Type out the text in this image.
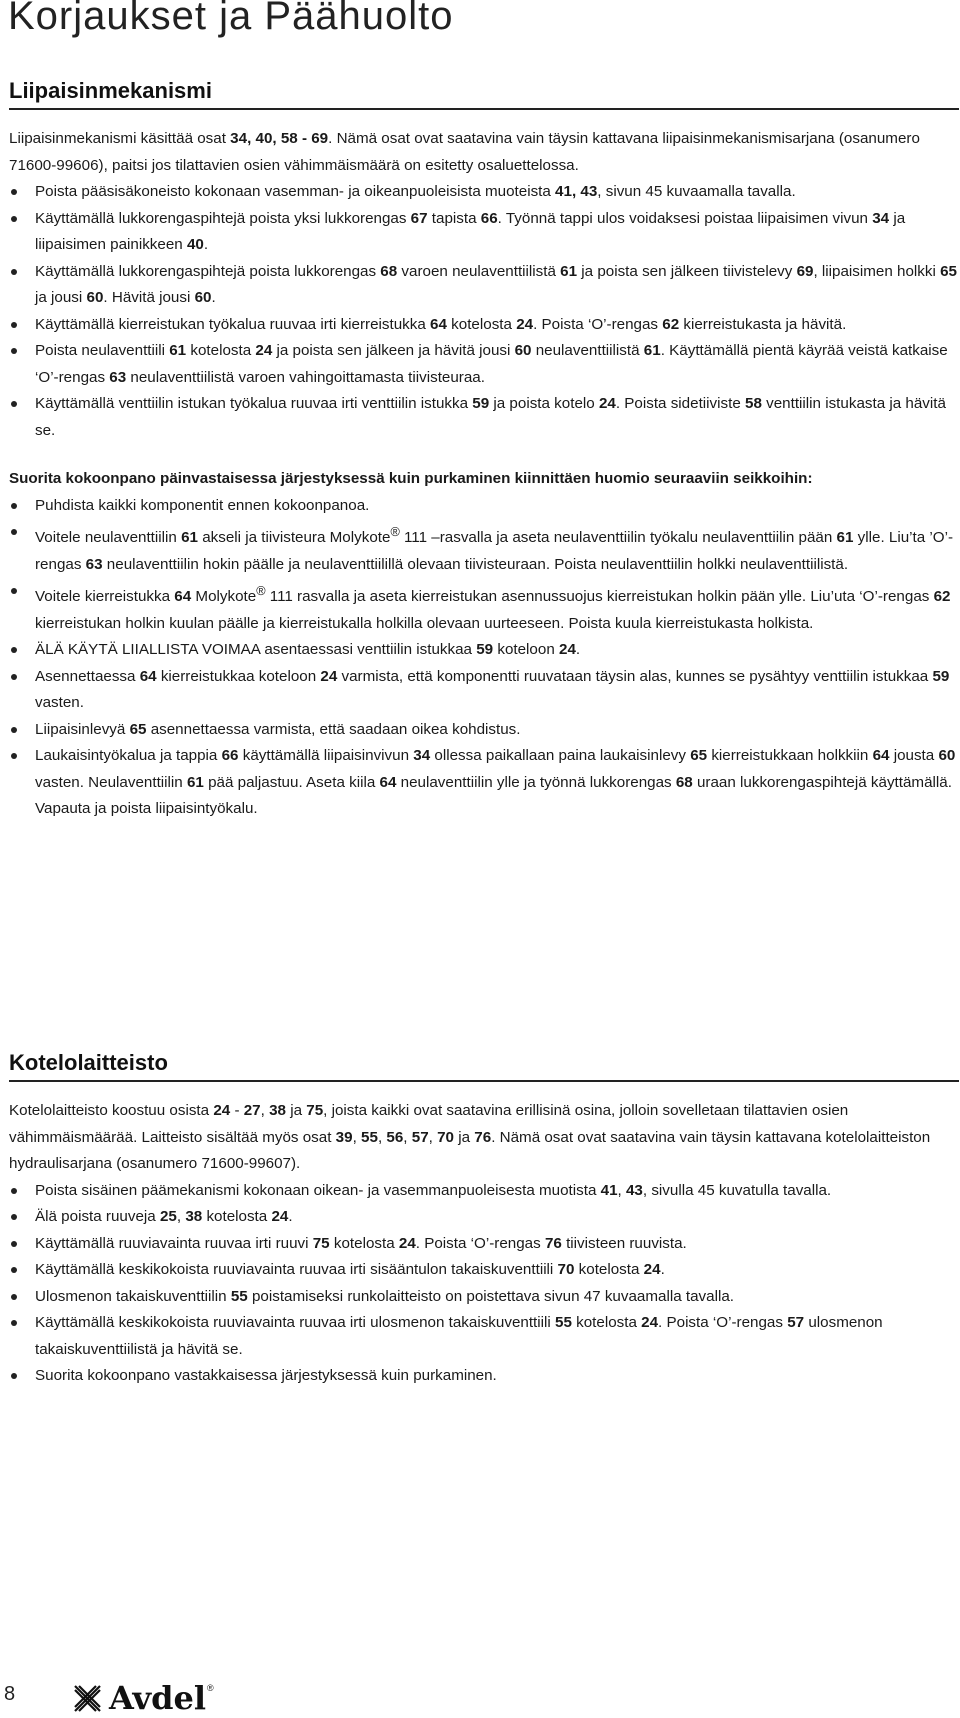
Korjaukset ja Päähuolto
Liipaisinmekanismi

Liipaisinmekanismi käsittää osat 34, 40, 58 - 69. Nämä osat ovat saatavina vain täysin kattavana liipaisinmekanismisarjana (osanumero 71600-99606), paitsi jos tilattavien osien vähimmäismäärä on esitetty osaluettelossa.

Poista pääsisäkoneisto kokonaan vasemman- ja oikeanpuoleisista muoteista 41, 43, sivun 45 kuvaamalla tavalla.
Käyttämällä lukkorengaspihtejä poista yksi lukkorengas 67 tapista 66. Työnnä tappi ulos voidaksesi poistaa liipaisimen vivun 34 ja liipaisimen painikkeen 40.
Käyttämällä lukkorengaspihtejä poista lukkorengas 68 varoen neulaventtiilistä 61 ja poista sen jälkeen tiivistelevy 69, liipaisimen holkki 65 ja jousi 60. Hävitä jousi 60.
Käyttämällä kierreistukan työkalua ruuvaa irti kierreistukka 64 kotelosta 24. Poista ‘O’-rengas 62 kierreistukasta ja hävitä.
Poista neulaventtiili 61 kotelosta 24 ja poista sen jälkeen ja hävitä jousi 60 neulaventtiilistä 61. Käyttämällä pientä käyrää veistä katkaise ‘O’-rengas 63 neulaventtiilistä varoen vahingoittamasta tiivisteuraa.
Käyttämällä venttiilin istukan työkalua ruuvaa irti venttiilin istukka 59 ja poista kotelo 24. Poista sidetiiviste 58 venttiilin istukasta ja hävitä se.

Suorita kokoonpano päinvastaisessa järjestyksessä kuin purkaminen kiinnittäen huomio seuraaviin seikkoihin:

Puhdista kaikki komponentit ennen kokoonpanoa.
Voitele neulaventtiilin 61 akseli ja tiivisteura Molykote® 111 –rasvalla ja aseta neulaventtiilin työkalu neulaventtiilin pään 61 ylle. Liu’ta ’O’-rengas 63 neulaventtiilin hokin päälle ja neulaventtiilillä olevaan tiivisteuraan. Poista neulaventtiilin holkki neulaventtiilistä.
Voitele kierreistukka 64 Molykote® 111 rasvalla ja aseta kierreistukan asennussuojus kierreistukan holkin pään ylle. Liu’uta ‘O’-rengas 62 kierreistukan holkin kuulan päälle ja kierreistukalla holkilla olevaan uurteeseen. Poista kuula kierreistukasta holkista.
ÄLÄ KÄYTÄ LIIALLISTA VOIMAA asentaessasi venttiilin istukkaa 59 koteloon 24.
Asennettaessa 64 kierreistukkaa koteloon 24 varmista, että komponentti ruuvataan täysin alas, kunnes se pysähtyy venttiilin istukkaa 59 vasten.
Liipaisinlevyä 65 asennettaessa varmista, että saadaan oikea kohdistus.
Laukaisintyökalua ja tappia 66 käyttämällä liipaisinvivun 34 ollessa paikallaan paina laukaisinlevy 65 kierreistukkaan holkkiin 64 jousta 60 vasten. Neulaventtiilin 61 pää paljastuu. Aseta kiila 64 neulaventtiilin ylle ja työnnä lukkorengas 68 uraan lukkorengaspihtejä käyttämällä. Vapauta ja poista liipaisintyökalu.
Kotelolaitteisto

Kotelolaitteisto koostuu osista 24 - 27, 38 ja 75, joista kaikki ovat saatavina erillisinä osina, jolloin sovelletaan tilattavien osien vähimmäismäärää. Laitteisto sisältää myös osat 39, 55, 56, 57, 70 ja 76. Nämä osat ovat saatavina vain täysin kattavana kotelolaitteiston hydraulisarjana (osanumero 71600-99607).

Poista sisäinen päämekanismi kokonaan oikean- ja vasemmanpuoleisesta muotista 41, 43, sivulla 45 kuvatulla tavalla.
Älä poista ruuveja 25, 38 kotelosta 24.
Käyttämällä ruuviavainta ruuvaa irti ruuvi 75 kotelosta 24. Poista ‘O’-rengas 76 tiivisteen ruuvista.
Käyttämällä keskikokoista ruuviavainta ruuvaa irti sisääntulon takaiskuventtiili 70 kotelosta 24.
Ulosmenon takaiskuventtiilin 55 poistamiseksi runkolaitteisto on poistettava sivun 47 kuvaamalla tavalla.
Käyttämällä keskikokoista ruuviavainta ruuvaa irti ulosmenon takaiskuventtiili 55 kotelosta 24. Poista ‘O’-rengas 57 ulosmenon takaiskuventtiilistä ja hävitä se.
Suorita kokoonpano vastakkaisessa järjestyksessä kuin purkaminen.
8	Avdel ®
